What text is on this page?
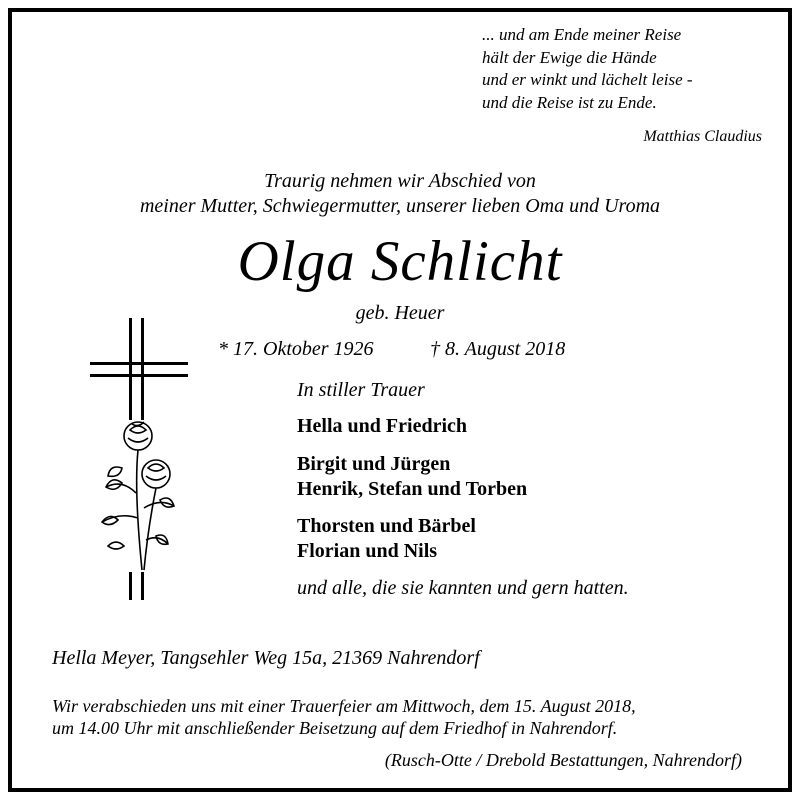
... und am Ende meiner Reise
hält der Ewige die Hände
und er winkt und lächelt leise -
und die Reise ist zu Ende.
Matthias Claudius
Traurig nehmen wir Abschied von
meiner Mutter, Schwiegermutter, unserer lieben Oma und Uroma
Olga Schlicht
geb. Heuer
* 17. Oktober 1926	† 8. August 2018
In stiller Trauer
Hella und Friedrich
Birgit und Jürgen
Henrik, Stefan und Torben
Thorsten und Bärbel
Florian und Nils
und alle, die sie kannten und gern hatten.
Hella Meyer, Tangsehler Weg 15a, 21369 Nahrendorf
Wir verabschieden uns mit einer Trauerfeier am Mittwoch, dem 15. August 2018,
um 14.00 Uhr mit anschließender Beisetzung auf dem Friedhof in Nahrendorf.
(Rusch-Otte / Drebold Bestattungen, Nahrendorf)
